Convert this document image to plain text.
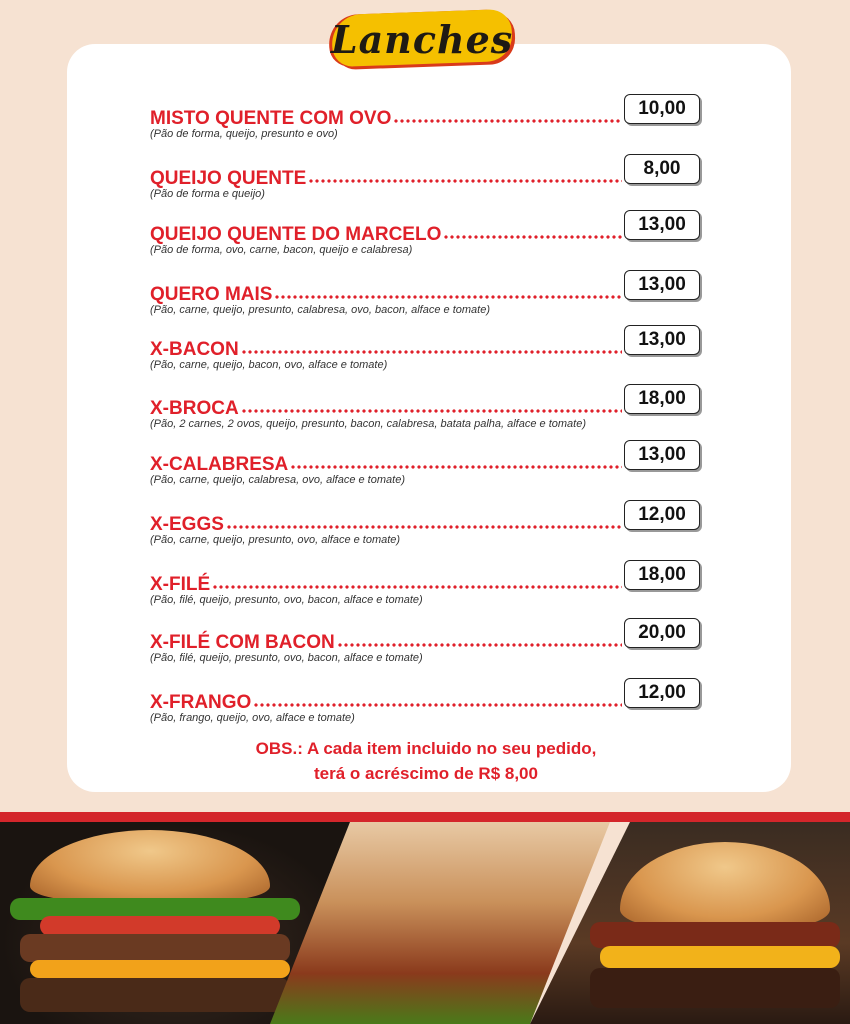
Lanches
MISTO QUENTE COM OVO
(Pão de forma, queijo, presunto e ovo)
10,00
QUEIJO QUENTE
(Pão de forma e queijo)
8,00
QUEIJO QUENTE DO MARCELO
(Pão de forma, ovo, carne, bacon, queijo e calabresa)
13,00
QUERO MAIS
(Pão, carne, queijo, presunto, calabresa, ovo, bacon, alface e tomate)
13,00
X-BACON
(Pão, carne, queijo, bacon, ovo, alface e tomate)
13,00
X-BROCA
(Pão, 2 carnes, 2 ovos, queijo, presunto, bacon, calabresa, batata palha, alface e tomate)
18,00
X-CALABRESA
(Pão, carne, queijo, calabresa, ovo, alface e tomate)
13,00
X-EGGS
(Pão, carne, queijo, presunto, ovo, alface e tomate)
12,00
X-FILÉ
(Pão, filé, queijo, presunto, ovo, bacon, alface e tomate)
18,00
X-FILÉ COM BACON
(Pão, filé, queijo, presunto, ovo, bacon, alface e tomate)
20,00
X-FRANGO
(Pão, frango, queijo, ovo, alface e tomate)
12,00
OBS.: A cada item incluido no seu pedido,
terá o acréscimo de R$ 8,00
